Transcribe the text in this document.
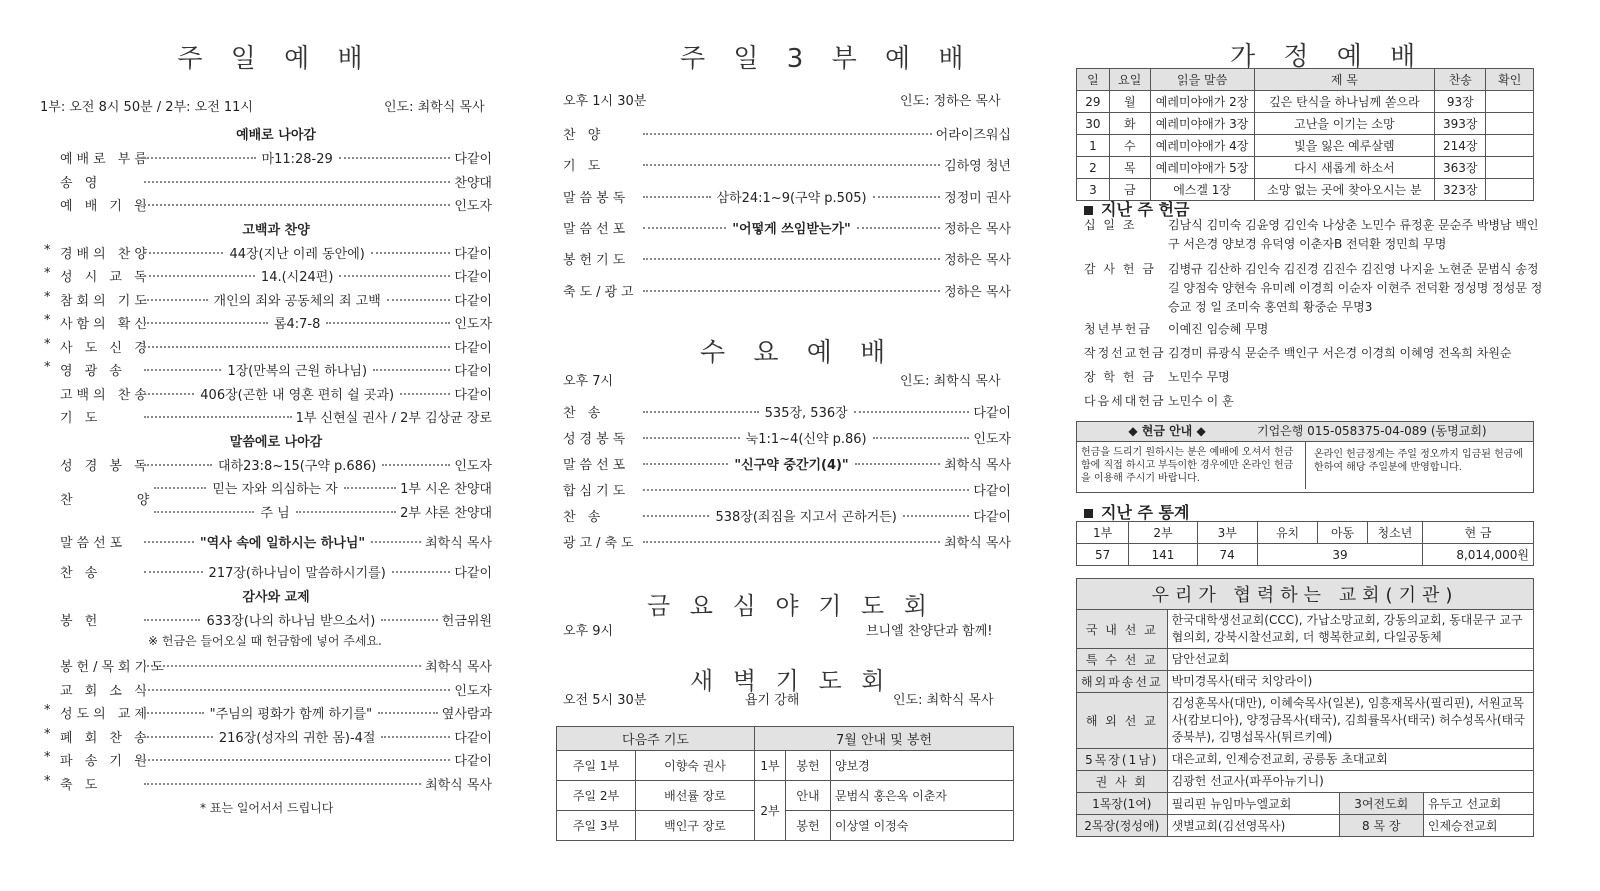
주 일 예 배
1부: 오전 8시 50분 / 2부: 오전 11시	인도: 최학식 목사
예배로 나아감
예배로 부름	마11:28-29	다같이
송 영	찬양대
예 배 기 원	인도자
고백과 찬양
* 경배의 찬양	44장(지난 이레 동안에)	다같이
* 성 시 교 독	14.(시24편)	다같이
* 참회의 기도	개인의 죄와 공동체의 죄 고백	다같이
* 사함의 확신	롬4:7-8	인도자
* 사 도 신 경	다같이
* 영 광 송	1장(만복의 근원 하나님)	다같이
고백의 찬송	406장(곤한 내 영혼 편히 쉴 곳과)	다같이
기 도	1부 신현실 권사 / 2부 김상균 장로
말씀에로 나아감
성 경 봉 독	대하23:8~15(구약 p.686)	인도자
찬 양
믿는 자와 의심하는 자	1부 시온 찬양대
주 님	2부 샤론 찬양대
말씀선포	"역사 속에 일하시는 하나님"	최학식 목사
찬 송	217장(하나님이 말씀하시기를)	다같이
감사와 교제
봉 헌	633장(나의 하나님 받으소서)	헌금위원
※ 헌금은 들어오실 때 헌금함에 넣어 주세요.
봉헌/목회기도	최학식 목사
교 회 소 식	인도자
* 성도의 교제	"주님의 평화가 함께 하기를"	옆사람과
* 폐 회 찬 송	216장(성자의 귀한 몸)-4절	다같이
* 파 송 기 원	다같이
* 축 도	최학식 목사
* 표는 일어서서 드립니다
주 일 3 부 예 배
오후 1시 30분	인도: 정하은 목사
수 요 예 배
오후 7시	인도: 최학식 목사
금 요 심 야 기 도 회
오후 9시	브니엘 찬양단과 함께!
새 벽 기 도 회
오전 5시 30분	욥기 강해	인도: 최학식 목사
찬 양	어라이즈워십
기 도	김하영 청년
말씀봉독	삼하24:1~9(구약 p.505)	정정미 권사
말씀선포	"어떻게 쓰임받는가"	정하은 목사
봉헌기도	정하은 목사
축도/광고	정하은 목사
찬 송	535장, 536장	다같이
성경봉독	눅1:1~4(신약 p.86)	인도자
말씀선포	"신구약 중간기(4)"	최학식 목사
합심기도	다같이
찬 송	538장(죄짐을 지고서 곤하거든)	다같이
광고/축도	최학식 목사
다음주 기도		7월 안내 및 봉헌		
주일 1부	이향숙 권사	1부	봉헌	양보경
주일 2부	배선률 장로	2부	안내	문범식 홍은옥 이춘자
주일 3부	백인구 장로		봉헌	이상열 이정숙
가 정 예 배
일	요일	읽을 말씀	제 목	찬송	확인
29	월	예레미야애가 2장	깊은 탄식을 하나님께 쏟으라	93장	
30	화	예레미야애가 3장	고난을 이기는 소망	393장	
1	수	예레미야애가 4장	빛을 잃은 예루살렘	214장	
2	목	예레미야애가 5장	다시 새롭게 하소서	363장	
3	금	에스겔 1장	소망 없는 곳에 찾아오시는 분	323장	
지난 주 헌금
십 일 조	김남식 김미숙 김윤영 김인숙 나상춘 노민수 류정훈 문순주 박병남 백인구 서은경 양보경 유덕영 이춘자B 전덕환 정민희 무명
감 사 헌 금	김병규 김산하 김인숙 김진경 김진수 김진영 나지윤 노현준 문범식 송정길 양점숙 양현숙 유미례 이경희 이순자 이현주 전덕환 정성명 정성문 정승교 정 일 조미숙 홍연희 황중순 무명3
청년부헌금	이예진 임승혜 무명
작정선교헌금 김경미 류광식 문순주 백인구 서은경 이경희 이혜영 전옥희 차원순
장 학 헌 금	노민수 무명
다음세대헌금 노민수 이 훈
◆ 현금 안내 ◆	기업은행 015-058375-04-089 (동명교회)
헌금을 드리기 원하시는 분은 예배에 오셔서 헌금함에 직접 하시고 부득이한 경우에만 온라인 헌금을 이용해 주시기 바랍니다.
온라인 헌금정게는 주일 정오까지 입금된 헌금에 한하여 해당 주일분에 반영합니다.
지난 주 통계
1부	2부	3부	유치	아동	청소년	현 금
57	141	74	39			8,014,000원
우리가 협력하는 교회(기관)			
국 내 선 교	한국대학생선교회(CCC), 가납소망교회, 강동의교회, 동대문구 교구협의회, 강북시찰선교회, 더 행복한교회, 다일공동체		
특 수 선 교	담안선교회		
해외파송선교	박미경목사(태국 치앙라이)		
해 외 선 교	김성훈목사(대만), 이혜숙목사(일본), 임흥재목사(필리핀), 서원교목사(캄보디아), 양정금목사(태국), 김희률목사(태국) 허수성목사(태국중북부), 김명섭목사(튀르키예)		
5목장(1남)	대은교회, 인제승전교회, 공릉동 초대교회		
권 사 회	김광헌 선교사(파푸아뉴기니)		
1목장(1여)	필리핀 뉴임마누엘교회	3여전도회	유두고 선교회
2목장(정성애)	샛별교회(김선영목사)	8 목 장	인제승전교회
